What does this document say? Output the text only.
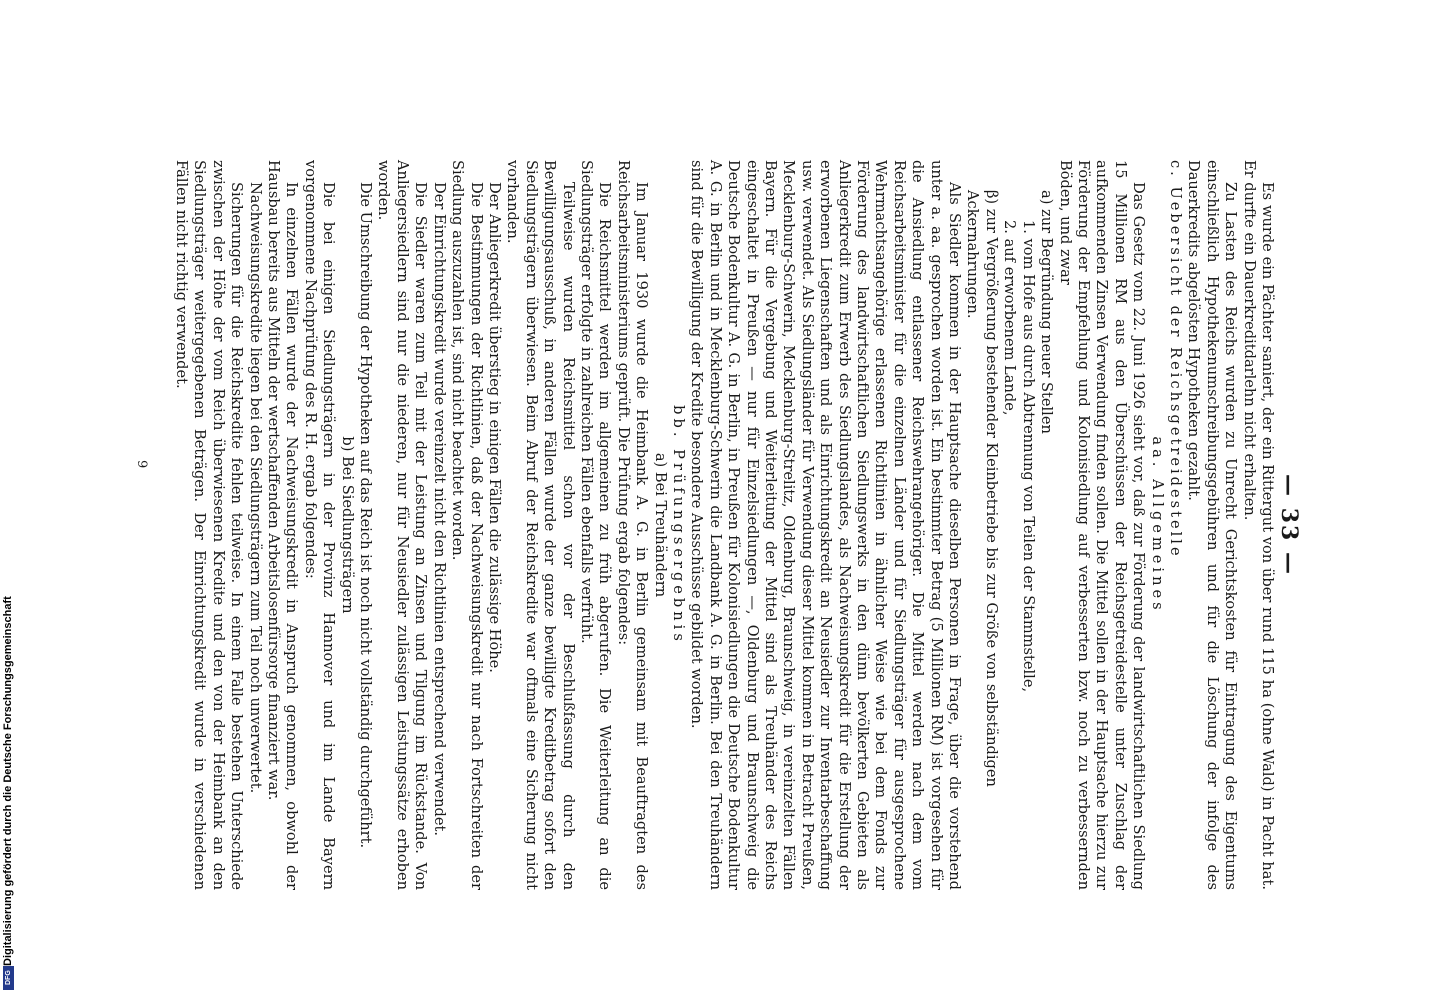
— 33 —

Es wurde ein Pächter saniert, der ein Rittergut von über rund 115 ha (ohne Wald) in Pacht hat. Er durfte ein Dauerkreditdarlehn nicht erhalten.

Zu Lasten des Reichs wurden zu Unrecht Gerichtskosten für Eintragung des Eigentums einschließlich Hypothekenumschreibungsgebühren und für die Löschung der infolge des Dauerkredits abgelösten Hypotheken gezahlt.

c. Uebersicht der Reichsgetreidestelle

aa. Allgemeines

Das Gesetz vom 22. Juni 1926 sieht vor, daß zur Förderung der landwirtschaftlichen Siedlung 15 Millionen RM aus den Überschüssen der Reichsgetreidestelle unter Zuschlag der aufkommenden Zinsen Verwendung finden sollen. Die Mittel sollen in der Hauptsache hierzu zur Förderung der Empfehlung und Kolonisiedlung auf verbesserten bzw. noch zu verbessernden Böden, und zwar

a) zur Begründung neuer Stellen

1. vom Hofe aus durch Abtrennung von Teilen der Stammstelle,

2. auf erworbenem Lande,

β) zur Vergrößerung bestehender Kleinbetriebe bis zur Größe von selbständigen Ackernahrungen.

Als Siedler kommen in der Hauptsache dieselben Personen in Frage, über die vorstehend unter a. aa. gesprochen worden ist. Ein bestimmter Betrag (5 Millionen RM) ist vorgesehen für die Ansiedlung entlassener Reichswehrangehöriger. Die Mittel werden nach dem vom Reichsarbeitsminister für die einzelnen Länder und für Siedlungsträger für ausgesprochene Wehrmachtsangehörige erlassenen Richtlinien in ähnlicher Weise wie bei dem Fonds zur Förderung des landwirtschaftlichen Siedlungswerks in den dünn bevölkerten Gebieten als Anliegerkredit zum Erwerb des Siedlungslandes, als Nachweisungskredit für die Erstellung der erworbenen Liegenschaften und als Einrichtungskredit an Neusiedler zur Inventarbeschaffung usw. verwendet. Als Siedlungsländer für Verwendung dieser Mittel kommen in Betracht Preußen, Mecklenburg-Schwerin, Mecklenburg-Strelitz, Oldenburg, Braunschweig, in vereinzelten Fällen Bayern. Für die Vergebung und Weiterleitung der Mittel sind als Treuhänder des Reichs eingeschaltet in Preußen — nur für Einzelsiedlungen —, Oldenburg und Braunschweig die Deutsche Bodenkultur A. G. in Berlin, in Preußen für Kolonisiedlungen die Deutsche Bodenkultur A. G. in Berlin und in Mecklenburg-Schwerin die Landbank A. G. in Berlin. Bei den Treuhändern sind für die Bewilligung der Kredite besondere Ausschüsse gebildet worden.

bb. Prüfungsergebnis

a) Bei Treuhändern

Im Januar 1930 wurde die Heimbank A. G. in Berlin gemeinsam mit Beauftragten des Reichsarbeitsministeriums geprüft. Die Prüfung ergab folgendes:

Die Reichsmittel werden im allgemeinen zu früh abgerufen. Die Weiterleitung an die Siedlungsträger erfolgte in zahlreichen Fällen ebenfalls verfrüht.

Teilweise wurden Reichsmittel schon vor der Beschlußfassung durch den Bewilligungsausschuß, in anderen Fällen wurde der ganze bewilligte Kreditbetrag sofort den Siedlungsträgern überwiesen. Beim Abruf der Reichskredite war oftmals eine Sicherung nicht vorhanden.

Der Anliegerkredit überstieg in einigen Fällen die zulässige Höhe.

Die Bestimmungen der Richtlinien, daß der Nachweisungskredit nur nach Fortschreiten der Siedlung auszuzahlen ist, sind nicht beachtet worden.

Der Einrichtungskredit wurde vereinzelt nicht den Richtlinien entsprechend verwendet.

Die Siedler waren zum Teil mit der Leistung an Zinsen und Tilgung im Rückstande. Von Anliegersiedlern sind nur die niederen, nur für Neusiedler zulässigen Leistungssätze erhoben worden.

Die Umschreibung der Hypotheken auf das Reich ist noch nicht vollständig durchgeführt.

b) Bei Siedlungsträgern

Die bei einigen Siedlungsträgern in der Provinz Hannover und im Lande Bayern vorgenommene Nachprüfung des R. H. ergab folgendes:

In einzelnen Fällen wurde der Nachweisungskredit in Anspruch genommen, obwohl der Hausbau bereits aus Mitteln der wertschaffenden Arbeitslosenfürsorge finanziert war.

Nachweisungskredite liegen bei den Siedlungsträgern zum Teil noch unverwertet.

Sicherungen für die Reichskredite fehlen teilweise. In einem Falle bestehen Unterschiede zwischen der Höhe der vom Reich überwiesenen Kredite und den von der Heimbank an den Siedlungsträger weitergegebenen Beträgen. Der Einrichtungskredit wurde in verschiedenen Fällen nicht richtig verwendet.

9
Digitalisierung gefördert durch die Deutsche Forschungsgemeinschaft
DFG
